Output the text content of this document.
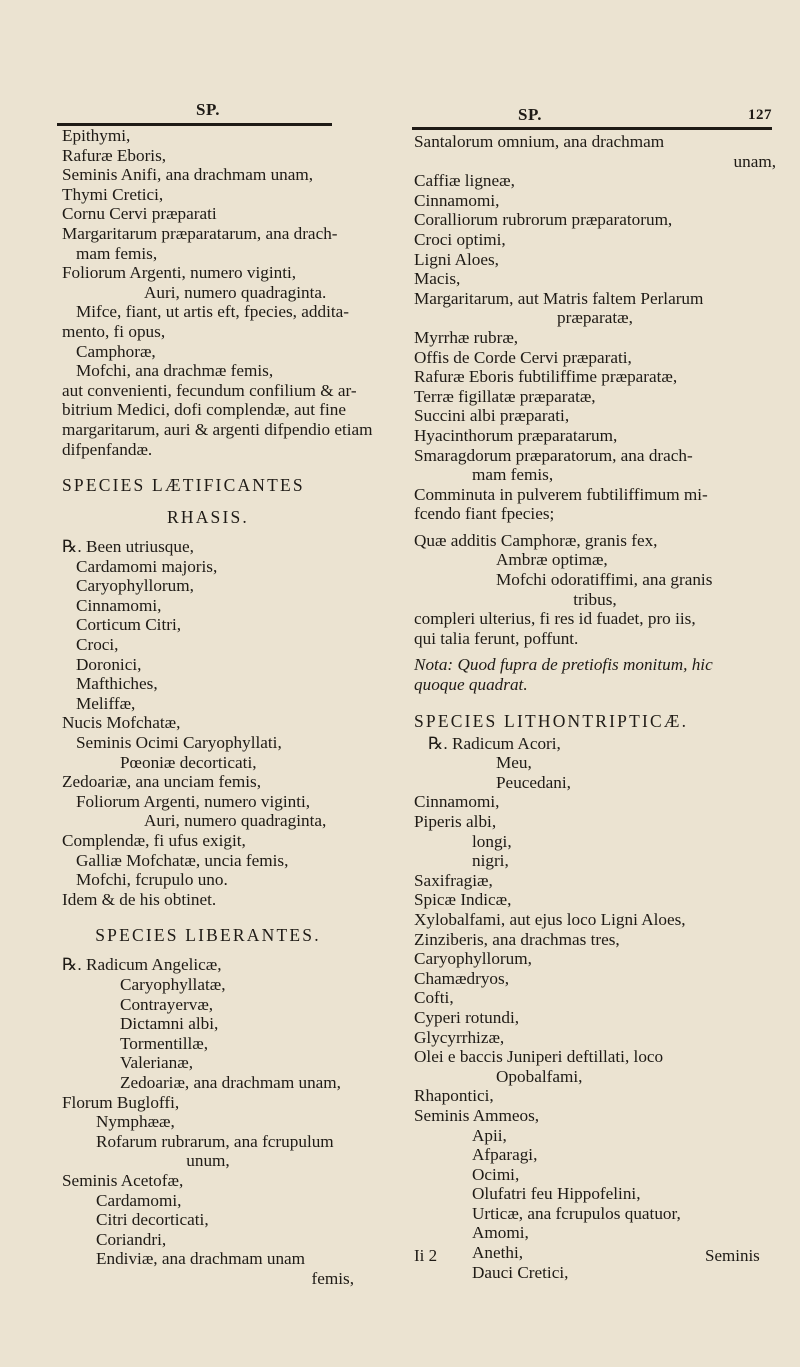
SP.	SP.	127
Epithymi,
Rafuræ Eboris,
Seminis Anifi, ana drachmam unam,
Thymi Cretici,
Cornu Cervi præparati
Margaritarum præparatarum, ana drach-
mam femis,
Foliorum Argenti, numero viginti,
Auri, numero quadraginta.
Mifce, fiant, ut artis eft, fpecies, addita-
mento, fi opus,
Camphoræ,
Mofchi, ana drachmæ femis,
aut convenienti, fecundum confilium & ar-
bitrium Medici, dofi complendæ, aut fine
margaritarum, auri & argenti difpendio etiam
difpenfandæ.
SPECIES LÆTIFICANTES
RHASIS.
℞. Been utriusque,
Cardamomi majoris,
Caryophyllorum,
Cinnamomi,
Corticum Citri,
Croci,
Doronici,
Mafthiches,
Meliffæ,
Nucis Mofchatæ,
Seminis Ocimi Caryophyllati,
Pœoniæ decorticati,
Zedoariæ, ana unciam femis,
Foliorum Argenti, numero viginti,
Auri, numero quadraginta,
Complendæ, fi ufus exigit,
Galliæ Mofchatæ, uncia femis,
Mofchi, fcrupulo uno.
Idem & de his obtinet.
SPECIES LIBERANTES.
℞. Radicum Angelicæ,
Caryophyllatæ,
Contrayervæ,
Dictamni albi,
Tormentillæ,
Valerianæ,
Zedoariæ, ana drachmam unam,
Florum Bugloffi,
Nymphææ,
Rofarum rubrarum, ana fcrupulum
unum,
Seminis Acetofæ,
Cardamomi,
Citri decorticati,
Coriandri,
Endiviæ, ana drachmam unam
femis,
Santalorum omnium, ana drachmam
unam,
Caffiæ ligneæ,
Cinnamomi,
Coralliorum rubrorum præparatorum,
Croci optimi,
Ligni Aloes,
Macis,
Margaritarum, aut Matris faltem Perlarum
præparatæ,
Myrrhæ rubræ,
Offis de Corde Cervi præparati,
Rafuræ Eboris fubtiliffime præparatæ,
Terræ figillatæ præparatæ,
Succini albi præparati,
Hyacinthorum præparatarum,
Smaragdorum præparatorum, ana drach-
mam femis,
Comminuta in pulverem fubtiliffimum mi-
fcendo fiant fpecies;
Quæ additis Camphoræ, granis fex,
Ambræ optimæ,
Mofchi odoratiffimi, ana granis
tribus,
compleri ulterius, fi res id fuadet, pro iis,
qui talia ferunt, poffunt.
Nota: Quod fupra de pretiofis monitum, hic
quoque quadrat.
SPECIES LITHONTRIPTICÆ.
℞. Radicum Acori,
Meu,
Peucedani,
Cinnamomi,
Piperis albi,
longi,
nigri,
Saxifragiæ,
Spicæ Indicæ,
Xylobalfami, aut ejus loco Ligni Aloes,
Zinziberis, ana drachmas tres,
Caryophyllorum,
Chamædryos,
Cofti,
Cyperi rotundi,
Glycyrrhizæ,
Olei e baccis Juniperi deftillati, loco
Opobalfami,
Rhapontici,
Seminis Ammeos,
Apii,
Afparagi,
Ocimi,
Olufatri feu Hippofelini,
Urticæ, ana fcrupulos quatuor,
Amomi,
Anethi,
Dauci Cretici,
Ii 2	Seminis
